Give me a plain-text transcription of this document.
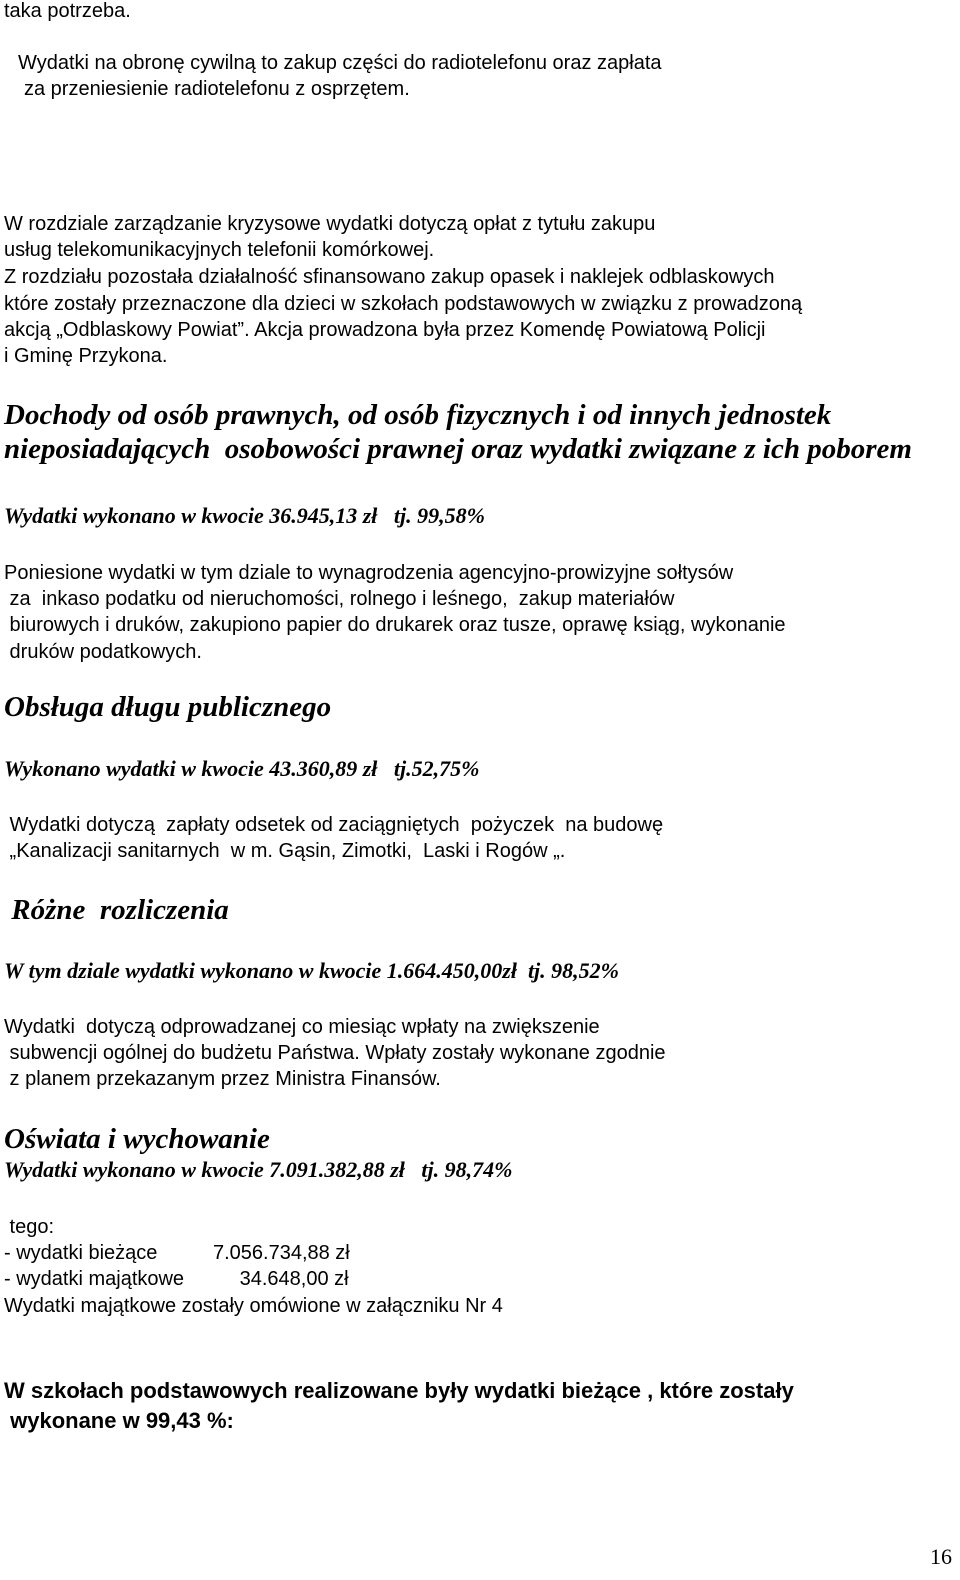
taka potrzeba.

Wydatki na obronę cywilną to zakup części do radiotelefonu oraz zapłata

za przeniesienie radiotelefonu z osprzętem.

W rozdziale zarządzanie kryzysowe wydatki dotyczą opłat z tytułu zakupu

usług telekomunikacyjnych telefonii komórkowej.

Z rozdziału pozostała działalność sfinansowano zakup opasek i naklejek odblaskowych

które zostały przeznaczone dla dzieci w szkołach podstawowych w związku z prowadzoną

akcją „Odblaskowy Powiat”. Akcja prowadzona była przez Komendę Powiatową Policji

i Gminę Przykona.

Dochody od osób prawnych, od osób fizycznych i od innych jednostek

nieposiadających  osobowości prawnej oraz wydatki związane z ich poborem

Wydatki wykonano w kwocie 36.945,13 zł   tj. 99,58%

Poniesione wydatki w tym dziale to wynagrodzenia agencyjno-prowizyjne sołtysów

za  inkaso podatku od nieruchomości, rolnego i leśnego,  zakup materiałów

biurowych i druków, zakupiono papier do drukarek oraz tusze, oprawę ksiąg, wykonanie

druków podatkowych.

Obsługa długu publicznego

Wykonano wydatki w kwocie 43.360,89 zł   tj.52,75%

Wydatki dotyczą  zapłaty odsetek od zaciągniętych  pożyczek  na budowę

„Kanalizacji sanitarnych  w m. Gąsin, Zimotki,  Laski i Rogów „.

Różne  rozliczenia

W tym dziale wydatki wykonano w kwocie 1.664.450,00zł  tj. 98,52%

Wydatki  dotyczą odprowadzanej co miesiąc wpłaty na zwiększenie

subwencji ogólnej do budżetu Państwa. Wpłaty zostały wykonane zgodnie

z planem przekazanym przez Ministra Finansów.

Oświata i wychowanie

Wydatki wykonano w kwocie 7.091.382,88 zł   tj. 98,74%

tego:

- wydatki bieżące          7.056.734,88 zł

- wydatki majątkowe          34.648,00 zł

Wydatki majątkowe zostały omówione w załączniku Nr 4

W szkołach podstawowych realizowane były wydatki bieżące , które zostały

wykonane w 99,43 %:

16
